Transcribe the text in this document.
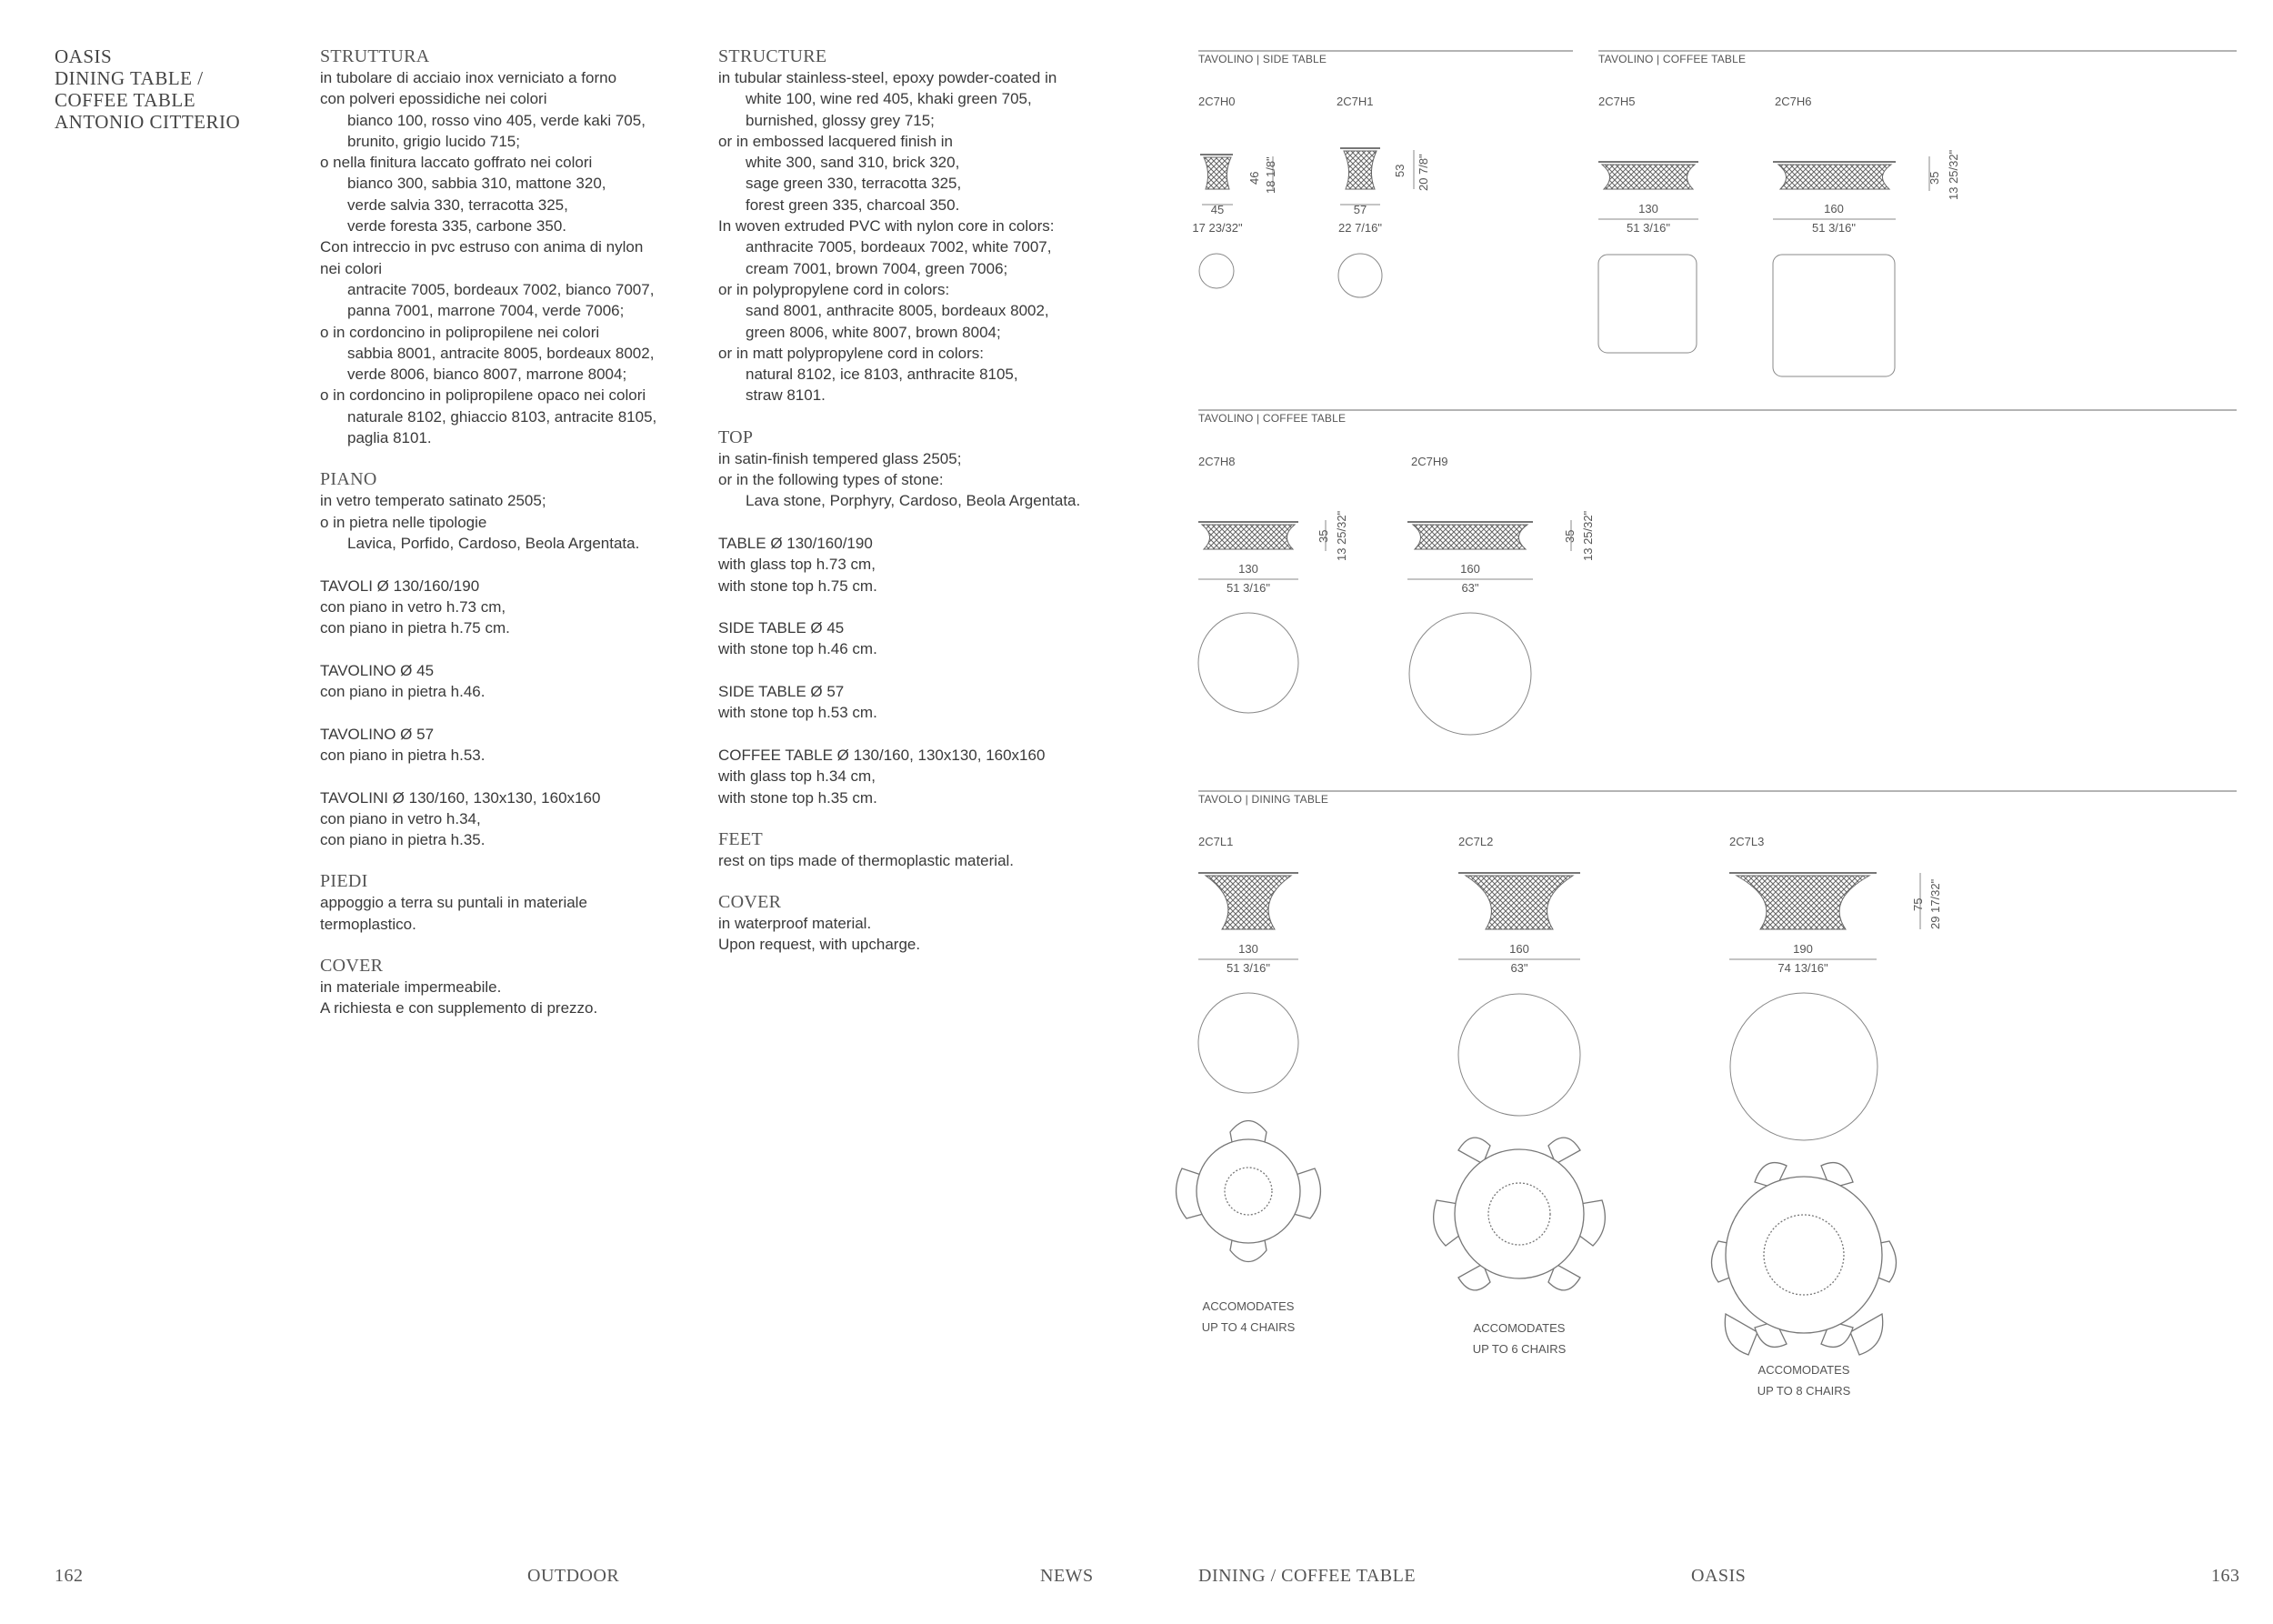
OASIS
DINING TABLE /
COFFEE TABLE
ANTONIO CITTERIO
STRUTTURA
in tubolare di acciaio inox verniciato a forno
con polveri epossidiche nei colori
bianco 100, rosso vino 405, verde kaki 705,
brunito, grigio lucido 715;
o nella finitura laccato goffrato nei colori
bianco 300, sabbia 310, mattone 320,
verde salvia 330, terracotta 325,
verde foresta 335, carbone 350.
Con intreccio in pvc estruso con anima di nylon
nei colori
antracite 7005, bordeaux 7002, bianco 7007,
panna 7001, marrone 7004, verde 7006;
o in cordoncino in polipropilene nei colori
sabbia 8001, antracite 8005, bordeaux 8002,
verde 8006, bianco 8007, marrone 8004;
o in cordoncino in polipropilene opaco nei colori
naturale 8102, ghiaccio 8103, antracite 8105,
paglia 8101.
PIANO
in vetro temperato satinato 2505;
o in pietra nelle tipologie
Lavica, Porfido, Cardoso, Beola Argentata.
TAVOLI Ø 130/160/190
con piano in vetro h.73 cm,
con piano in pietra h.75 cm.
TAVOLINO Ø 45
con piano in pietra h.46.
TAVOLINO Ø 57
con piano in pietra h.53.
TAVOLINI Ø 130/160, 130x130, 160x160
con piano in vetro h.34,
con piano in pietra h.35.
PIEDI
appoggio a terra su puntali in materiale
termoplastico.
COVER
in materiale impermeabile.
A richiesta e con supplemento di prezzo.
STRUCTURE
in tubular stainless-steel, epoxy powder-coated in
white 100, wine red 405, khaki green 705,
burnished, glossy grey 715;
or in embossed lacquered finish in
white 300, sand 310, brick 320,
sage green 330, terracotta 325,
forest green 335, charcoal 350.
In woven extruded PVC with nylon core in colors:
anthracite 7005, bordeaux 7002, white 7007,
cream 7001, brown 7004, green 7006;
or in polypropylene cord in colors:
sand 8001, anthracite 8005, bordeaux 8002,
green 8006, white 8007, brown 8004;
or in matt polypropylene cord in colors:
natural 8102, ice 8103, anthracite 8105,
straw 8101.
TOP
in satin-finish tempered glass 2505;
or in the following types of stone:
Lava stone, Porphyry, Cardoso, Beola Argentata.
TABLE Ø 130/160/190
with glass top h.73 cm,
with stone top h.75 cm.
SIDE TABLE Ø 45
with stone top h.46 cm.
SIDE TABLE Ø 57
with stone top h.53 cm.
COFFEE TABLE Ø 130/160, 130x130, 160x160
with glass top h.34 cm,
with stone top h.35 cm.
FEET
rest on tips made of thermoplastic material.
COVER
in waterproof material.
Upon request, with upcharge.
TAVOLINO | SIDE TABLE	TAVOLINO | COFFEE TABLE
TAVOLINO | COFFEE TABLE
TAVOLO | DINING TABLE
2C7H0	2C7H1
45
17 23/32"
57
22 7/16"
46 18 1/8"	53 20 7/8"
2C7H5	2C7H6
130
51 3/16"
160
51 3/16"
35 13 25/32"
2C7H8	2C7H9
130
51 3/16"
160
63"
35 13 25/32"	35 13 25/32"
2C7L1	2C7L2	2C7L3
130
51 3/16"
160
63"
190
74 13/16"
75 29 17/32"
ACCOMODATES
UP TO 4 CHAIRS	ACCOMODATES
UP TO 6 CHAIRS
ACCOMODATES
UP TO 8 CHAIRS
162	OUTDOOR	NEWS	DINING / COFFEE TABLE	OASIS	163
